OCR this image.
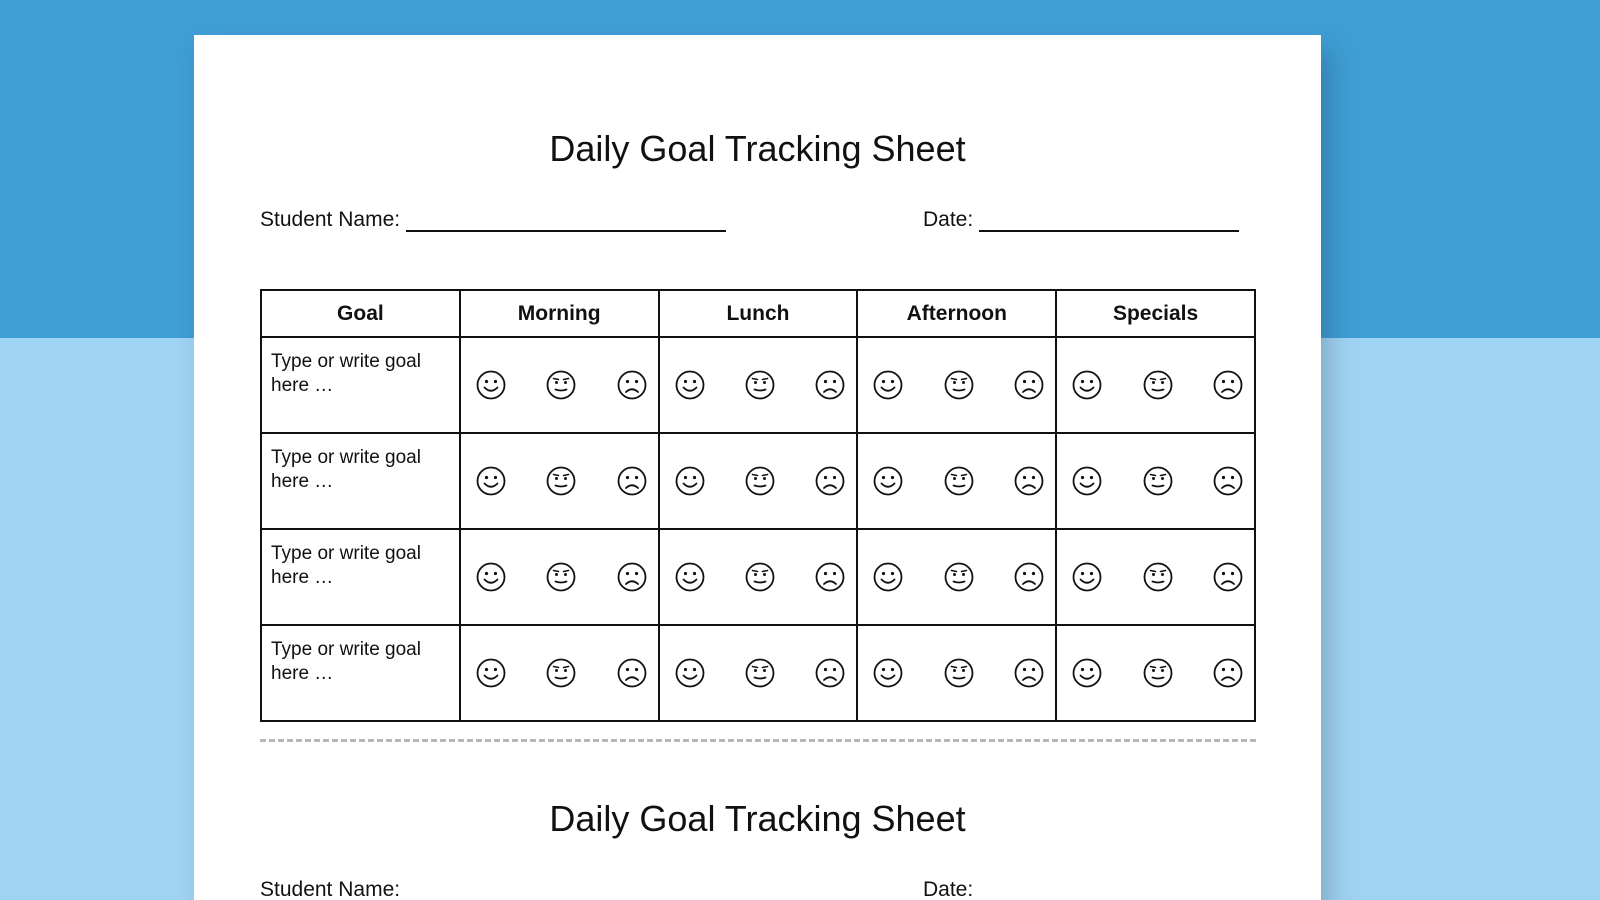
Daily Goal Tracking Sheet
Student Name:	Date:
Goal	Morning	Lunch	Afternoon	Specials
Type or write goal here …	

Type or write goal here …	

Type or write goal here …	

Type or write goal here …	

Daily Goal Tracking Sheet
Student Name:	Date:
